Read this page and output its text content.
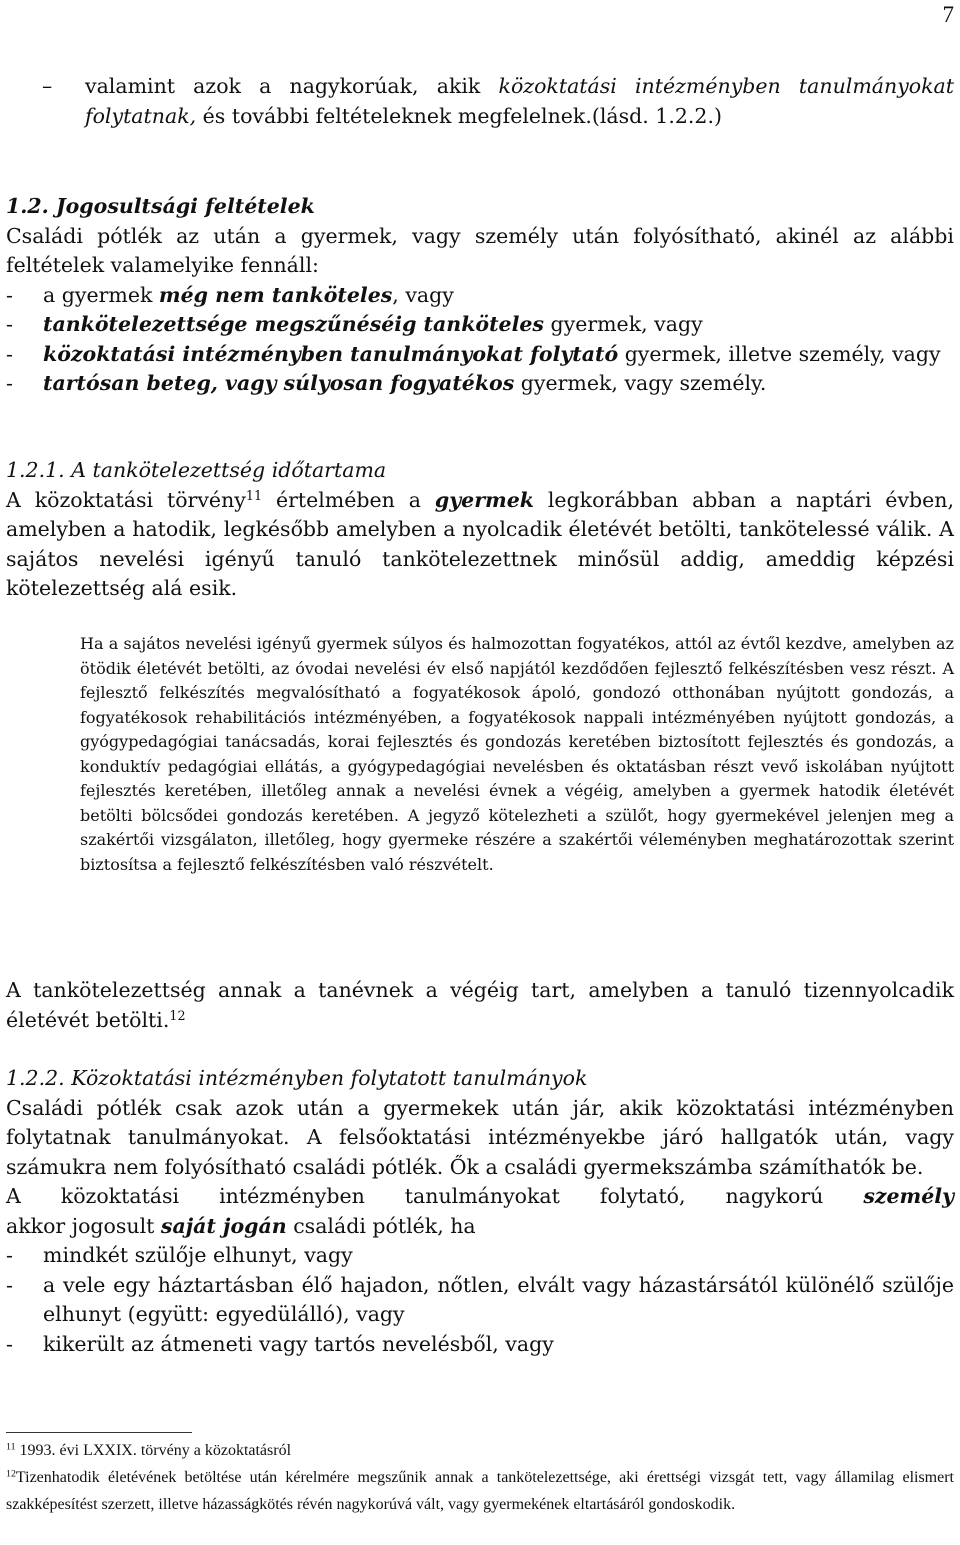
7
–	valamint azok a nagykorúak, akik közoktatási intézményben tanulmányokat folytatnak, és további feltételeknek megfelelnek.(lásd. 1.2.2.)

1.2. Jogosultsági feltételek

Családi pótlék az után a gyermek, vagy személy után folyósítható, akinél az alábbi feltételek valamelyike fennáll:

-	a gyermek még nem tanköteles, vagy
-	tankötelezettsége megszűnéséig tanköteles gyermek, vagy
-	közoktatási intézményben tanulmányokat folytató gyermek, illetve személy, vagy
-	tartósan beteg, vagy súlyosan fogyatékos gyermek, vagy személy.

1.2.1. A tankötelezettség időtartama

A közoktatási törvény$^{11}$ értelmében a gyermek legkorábban abban a naptári évben, amelyben a hatodik, legkésőbb amelyben a nyolcadik életévét betölti, tankötelessé válik. A sajátos nevelési igényű tanuló tankötelezettnek minősül addig, ameddig képzési kötelezettség alá esik.

Ha a sajátos nevelési igényű gyermek súlyos és halmozottan fogyatékos, attól az évtől kezdve, amelyben az ötödik életévét betölti, az óvodai nevelési év első napjától kezdődően fejlesztő felkészítésben vesz részt. A fejlesztő felkészítés megvalósítható a fogyatékosok ápoló, gondozó otthonában nyújtott gondozás, a fogyatékosok rehabilitációs intézményében, a fogyatékosok nappali intézményében nyújtott gondozás, a gyógypedagógiai tanácsadás, korai fejlesztés és gondozás keretében biztosított fejlesztés és gondozás, a konduktív pedagógiai ellátás, a gyógypedagógiai nevelésben és oktatásban részt vevő iskolában nyújtott fejlesztés keretében, illetőleg annak a nevelési évnek a végéig, amelyben a gyermek hatodik életévét betölti bölcsődei gondozás keretében. A jegyző kötelezheti a szülőt, hogy gyermekével jelenjen meg a szakértői vizsgálaton, illetőleg, hogy gyermeke részére a szakértői véleményben meghatározottak szerint biztosítsa a fejlesztő felkészítésben való részvételt.

A tankötelezettség annak a tanévnek a végéig tart, amelyben a tanuló tizennyolcadik életévét betölti.$^{12}$

1.2.2. Közoktatási intézményben folytatott tanulmányok

Családi pótlék csak azok után a gyermekek után jár, akik közoktatási intézményben folytatnak tanulmányokat. A felsőoktatási intézményekbe járó hallgatók után, vagy számukra nem folyósítható családi pótlék. Ők a családi gyermekszámba számíthatók be.

A közoktatási intézményben tanulmányokat folytató, nagykorú személy
akkor jogosult saját jogán családi pótlék, ha

-	mindkét szülője elhunyt, vagy
-	a vele egy háztartásban élő hajadon, nőtlen, elvált vagy házastársától különélő szülője elhunyt (együtt: egyedülálló), vagy
-	kikerült az átmeneti vagy tartós nevelésből, vagy

$^{11}$ 1993. évi LXXIX. törvény a közoktatásról

$^{12}$Tizenhatodik életévének betöltése után kérelmére megszűnik annak a tankötelezettsége, aki érettségi vizsgát tett, vagy államilag elismert szakképesítést szerzett, illetve házasságkötés révén nagykorúvá vált, vagy gyermekének eltartásáról gondoskodik.
